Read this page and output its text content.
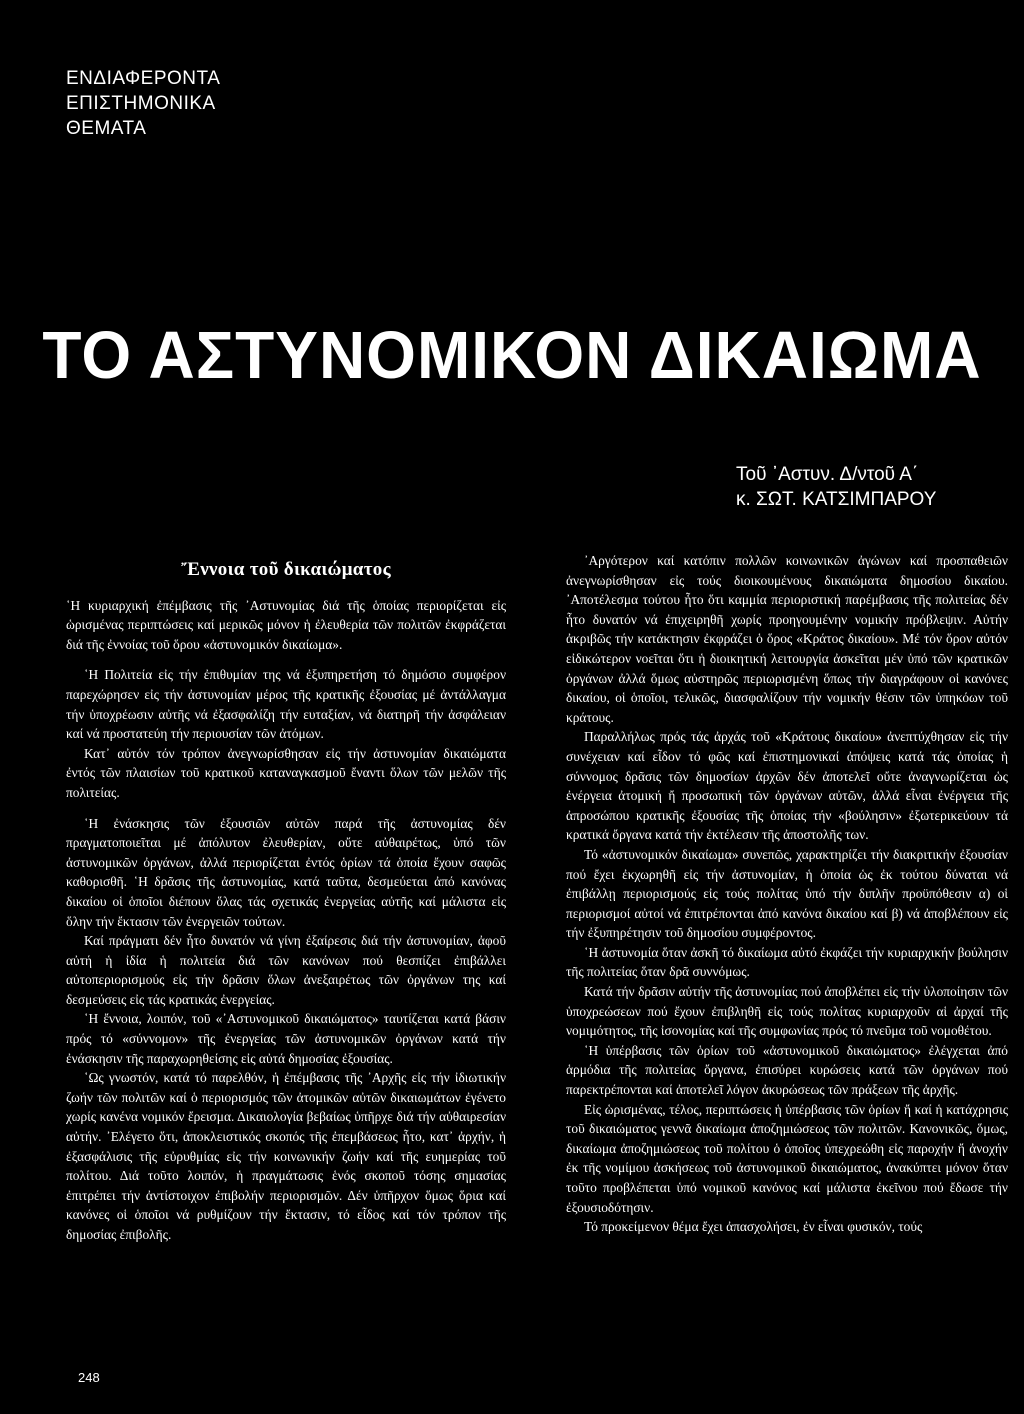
ΕΝΔΙΑΦΕΡΟΝΤΑ
ΕΠΙΣΤΗΜΟΝΙΚΑ
ΘΕΜΑΤΑ
ΤΟ ΑΣΤΥΝΟΜΙΚΟΝ ΔΙΚΑΙΩΜΑ
Τοῦ ᾿Αστυν. Δ/ντοῦ Α΄
κ. ΣΩΤ. ΚΑΤΣΙΜΠΑΡΟΥ
Ἔννοια τοῦ δικαιώματος

῾Η κυριαρχική ἐπέμβασις τῆς ᾿Αστυνομίας διά τῆς ὁποίας περιορίζεται εἰς ὡρισμένας περιπτώσεις καί μερικῶς μόνον ἡ ἐλευθερία τῶν πολιτῶν ἐκφράζεται διά τῆς ἐννοίας τοῦ ὅρου «ἀστυνομικόν δικαίωμα».

῾Η Πολιτεία εἰς τήν ἐπιθυμίαν της νά ἐξυπηρετήση τό δημόσιο συμφέρον παρεχώρησεν εἰς τήν ἀστυνομίαν μέρος τῆς κρατικῆς ἐξουσίας μέ ἀντάλλαγμα τήν ὑποχρέωσιν αὐτῆς νά ἐξασφαλίζη τήν ευταξίαν, νά διατηρῆ τήν ἀσφάλειαν καί νά προστατεύη τήν περιουσίαν τῶν ἀτόμων.

Κατ᾿ αὐτόν τόν τρόπον ἀνεγνωρίσθησαν εἰς τήν ἀστυνομίαν δικαιώματα ἐντός τῶν πλαισίων τοῦ κρατικοῦ καταναγκασμοῦ ἔναντι ὅλων τῶν μελῶν τῆς πολιτείας.

῾Η ἐνάσκησις τῶν ἐξουσιῶν αὐτῶν παρά τῆς ἀστυνομίας δέν πραγματοποιεῖται μέ ἀπόλυτον ἐλευθερίαν, οὔτε αὐθαιρέτως, ὑπό τῶν ἀστυνομικῶν ὀργάνων, ἀλλά περιορίζεται ἐντός ὁρίων τά ὁποία ἔχουν σαφῶς καθορισθῆ. ῾Η δρᾶσις τῆς ἀστυνομίας, κατά ταῦτα, δεσμεύεται ἀπό κανόνας δικαίου οἱ ὁποῖοι διέπουν ὅλας τάς σχετικάς ἐνεργείας αὐτῆς καί μάλιστα εἰς ὅλην τήν ἔκτασιν τῶν ἐνεργειῶν τούτων.

Καί πράγματι δέν ἦτο δυνατόν νά γίνη ἐξαίρεσις διά τήν ἀστυνομίαν, ἀφοῦ αὐτή ἡ ἰδία ἡ πολιτεία διά τῶν κανόνων πού θεσπίζει ἐπιβάλλει αὐτοπεριορισμούς εἰς τήν δρᾶσιν ὅλων ἀνεξαιρέτως τῶν ὀργάνων της καί δεσμεύσεις εἰς τάς κρατικάς ἐνεργείας.

῾Η ἔννοια, λοιπόν, τοῦ «᾿Αστυνομικοῦ δικαιώματος» ταυτίζεται κατά βάσιν πρός τό «σύννομον» τῆς ἐνεργείας τῶν ἀστυνομικῶν ὀργάνων κατά τήν ἐνάσκησιν τῆς παραχωρηθείσης εἰς αὐτά δημοσίας ἐξουσίας.

῾Ως γνωστόν, κατά τό παρελθόν, ἡ ἐπέμβασις τῆς ᾿Αρχῆς εἰς τήν ἰδιωτικήν ζωήν τῶν πολιτῶν καί ὁ περιορισμός τῶν ἀτομικῶν αὐτῶν δικαιωμάτων ἐγένετο χωρίς κανένα νομικόν ἔρεισμα. Δικαιολογία βεβαίως ὑπῆρχε διά τήν αὐθαιρεσίαν αὐτήν. ᾿Ελέγετο ὅτι, ἀποκλειστικός σκοπός τῆς ἐπεμβάσεως ἦτο, κατ᾿ ἀρχήν, ἡ ἐξασφάλισις τῆς εὐρυθμίας εἰς τήν κοινωνικήν ζωήν καί τῆς ευημερίας τοῦ πολίτου. Διά τοῦτο λοιπόν, ἡ πραγμάτωσις ἑνός σκοποῦ τόσης σημασίας ἐπιτρέπει τήν ἀντίστοιχον ἐπιβολήν περιορισμῶν. Δέν ὑπῆρχον ὅμως ὅρια καί κανόνες οἱ ὁποῖοι νά ρυθμίζουν τήν ἔκτασιν, τό εἶδος καί τόν τρόπον τῆς δημοσίας ἐπιβολῆς.

᾿Αργότερον καί κατόπιν πολλῶν κοινωνικῶν ἀγώνων καί προσπαθειῶν ἀνεγνωρίσθησαν εἰς τούς διοικουμένους δικαιώματα δημοσίου δικαίου. ᾿Αποτέλεσμα τούτου ἦτο ὅτι καμμία περιοριστική παρέμβασις τῆς πολιτείας δέν ἦτο δυνατόν νά ἐπιχειρηθῆ χωρίς προηγουμένην νομικήν πρόβλεψιν. Αὐτήν ἀκριβῶς τήν κατάκτησιν ἐκφράζει ὁ ὅρος «Κράτος δικαίου». Μέ τόν ὅρον αὐτόν εἰδικώτερον νοεῖται ὅτι ἡ διοικητική λειτουργία ἀσκεῖται μέν ὑπό τῶν κρατικῶν ὀργάνων ἀλλά ὅμως αὐστηρῶς περιωρισμένη ὅπως τήν διαγράφουν οἱ κανόνες δικαίου, οἱ ὁποῖοι, τελικῶς, διασφαλίζουν τήν νομικήν θέσιν τῶν ὑπηκόων τοῦ κράτους.

Παραλλήλως πρός τάς ἀρχάς τοῦ «Κράτους δικαίου» ἀνεπτύχθησαν εἰς τήν συνέχειαν καί εἶδον τό φῶς καί ἐπιστημονικαί ἀπόψεις κατά τάς ὁποίας ἡ σύννομος δρᾶσις τῶν δημοσίων ἀρχῶν δέν ἀποτελεῖ οὔτε ἀναγνωρίζεται ὡς ἐνέργεια ἀτομική ἤ προσωπική τῶν ὀργάνων αὐτῶν, ἀλλά εἶναι ἐνέργεια τῆς ἀπροσώπου κρατικῆς ἐξουσίας τῆς ὁποίας τήν «βούλησιν» ἐξωτερικεύουν τά κρατικά ὄργανα κατά τήν ἐκτέλεσιν τῆς ἀποστολῆς των.

Τό «ἀστυνομικόν δικαίωμα» συνεπῶς, χαρακτηρίζει τήν διακριτικήν ἐξουσίαν πού ἔχει ἐκχωρηθῆ εἰς τήν ἀστυνομίαν, ἡ ὁποία ὡς ἐκ τούτου δύναται νά ἐπιβάλλῃ περιορισμούς εἰς τούς πολίτας ὑπό τήν διπλῆν προϋπόθεσιν α) οἱ περιορισμοί αὐτοί νά ἐπιτρέπονται ἀπό κανόνα δικαίου καί β) νά ἀποβλέπουν εἰς τήν ἐξυπηρέτησιν τοῦ δημοσίου συμφέροντος.

῾Η ἀστυνομία ὅταν ἀσκῆ τό δικαίωμα αὐτό ἐκφάζει τήν κυριαρχικήν βούλησιν τῆς πολιτείας ὅταν δρᾶ συννόμως.

Κατά τήν δρᾶσιν αὐτήν τῆς ἀστυνομίας πού ἀποβλέπει εἰς τήν ὑλοποίησιν τῶν ὑποχρεώσεων πού ἔχουν ἐπιβληθῆ εἰς τούς πολίτας κυριαρχοῦν αἱ ἀρχαί τῆς νομιμότητος, τῆς ἰσονομίας καί τῆς συμφωνίας πρός τό πνεῦμα τοῦ νομοθέτου.

῾Η ὑπέρβασις τῶν ὁρίων τοῦ «ἀστυνομικοῦ δικαιώματος» ἐλέγχεται ἀπό ἁρμόδια τῆς πολιτείας ὄργανα, ἐπισύρει κυρώσεις κατά τῶν ὀργάνων πού παρεκτρέπονται καί ἀποτελεῖ λόγον ἀκυρώσεως τῶν πράξεων τῆς ἀρχῆς.

Εἰς ὡρισμένας, τέλος, περιπτώσεις ἡ ὑπέρβασις τῶν ὁρίων ἤ καί ἡ κατάχρησις τοῦ δικαιώματος γεννᾶ δικαίωμα ἀποζημιώσεως τῶν πολιτῶν. Κανονικῶς, ὅμως, δικαίωμα ἀποζημιώσεως τοῦ πολίτου ὁ ὁποῖος ὑπεχρεώθη εἰς παροχήν ἤ ἀνοχήν ἐκ τῆς νομίμου ἀσκήσεως τοῦ ἀστυνομικοῦ δικαιώματος, ἀνακύπτει μόνον ὅταν τοῦτο προβλέπεται ὑπό νομικοῦ κανόνος καί μάλιστα ἐκεῖνου πού ἔδωσε τήν ἐξουσιοδότησιν.

Τό προκείμενον θέμα ἔχει ἀπασχολήσει, ἐν εἶναι φυσικόν, τούς

248
